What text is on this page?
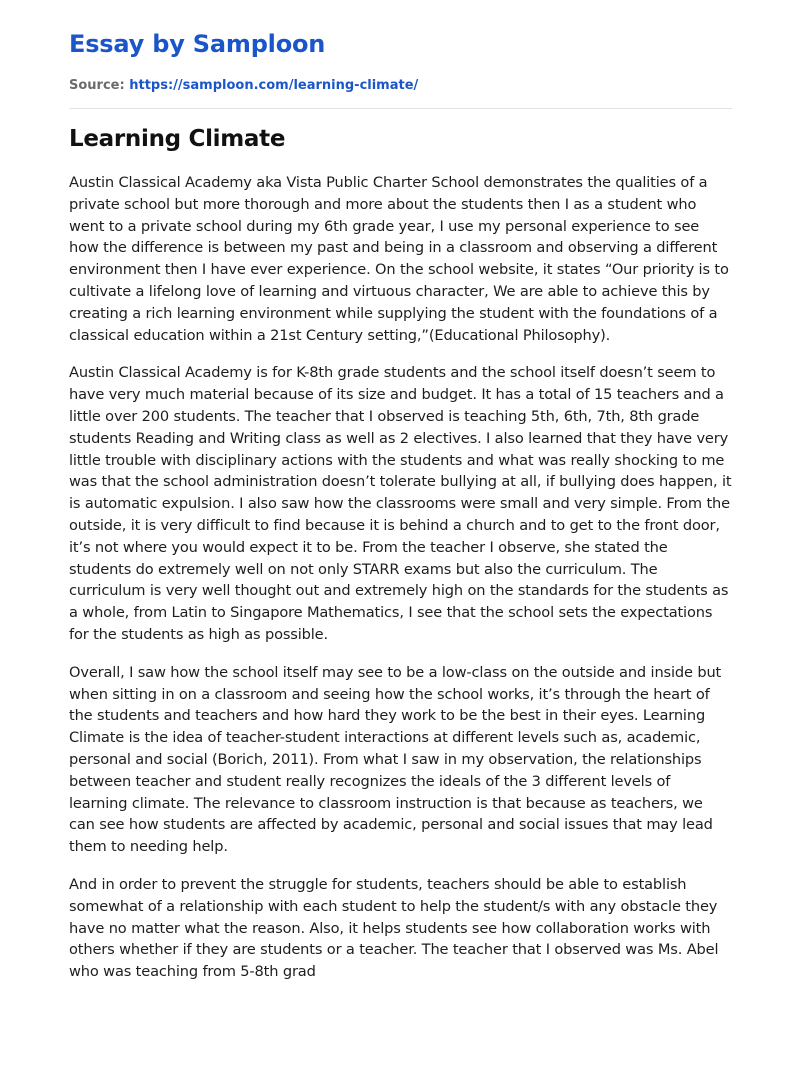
Essay by Samploon
Source: https://samploon.com/learning-climate/
Learning Climate

Austin Classical Academy aka Vista Public Charter School demonstrates the qualities of a private school but more thorough and more about the students then I as a student who went to a private school during my 6th grade year, I use my personal experience to see how the difference is between my past and being in a classroom and observing a different environment then I have ever experience. On the school website, it states “Our priority is to cultivate a lifelong love of learning and virtuous character, We are able to achieve this by creating a rich learning environment while supplying the student with the foundations of a classical education within a 21st Century setting,”(Educational Philosophy).

Austin Classical Academy is for K-8th grade students and the school itself doesn’t seem to have very much material because of its size and budget. It has a total of 15 teachers and a little over 200 students. The teacher that I observed is teaching 5th, 6th, 7th, 8th grade students Reading and Writing class as well as 2 electives. I also learned that they have very little trouble with disciplinary actions with the students and what was really shocking to me was that the school administration doesn’t tolerate bullying at all, if bullying does happen, it is automatic expulsion. I also saw how the classrooms were small and very simple. From the outside, it is very difficult to find because it is behind a church and to get to the front door, it’s not where you would expect it to be. From the teacher I observe, she stated the students do extremely well on not only STARR exams but also the curriculum. The curriculum is very well thought out and extremely high on the standards for the students as a whole, from Latin to Singapore Mathematics, I see that the school sets the expectations for the students as high as possible.

Overall, I saw how the school itself may see to be a low-class on the outside and inside but when sitting in on a classroom and seeing how the school works, it’s through the heart of the students and teachers and how hard they work to be the best in their eyes. Learning Climate is the idea of teacher-student interactions at different levels such as, academic, personal and social (Borich, 2011). From what I saw in my observation, the relationships between teacher and student really recognizes the ideals of the 3 different levels of learning climate. The relevance to classroom instruction is that because as teachers, we can see how students are affected by academic, personal and social issues that may lead them to needing help.

And in order to prevent the struggle for students, teachers should be able to establish somewhat of a relationship with each student to help the student/s with any obstacle they have no matter what the reason. Also, it helps students see how collaboration works with others whether if they are students or a teacher. The teacher that I observed was Ms. Abel who was teaching from 5-8th grad
